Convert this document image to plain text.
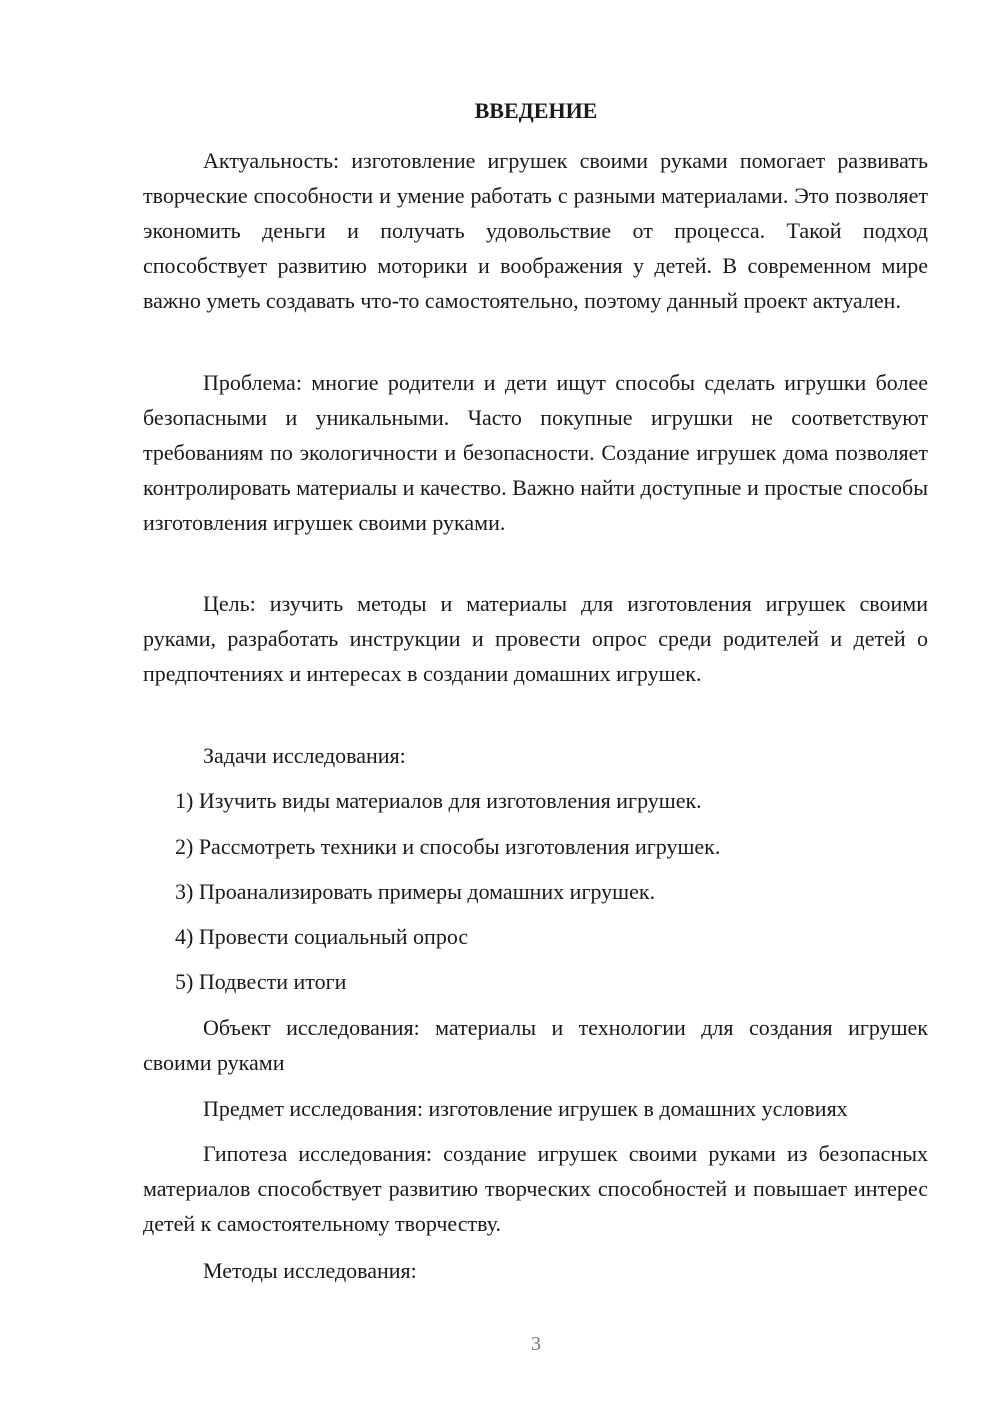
ВВЕДЕНИЕ

Актуальность: изготовление игрушек своими руками помогает развивать творческие способности и умение работать с разными материалами. Это позволяет экономить деньги и получать удовольствие от процесса. Такой подход способствует развитию моторики и воображения у детей. В современном мире важно уметь создавать что-то самостоятельно, поэтому данный проект актуален.

Проблема: многие родители и дети ищут способы сделать игрушки более безопасными и уникальными. Часто покупные игрушки не соответствуют требованиям по экологичности и безопасности. Создание игрушек дома позволяет контролировать материалы и качество. Важно найти доступные и простые способы изготовления игрушек своими руками.

Цель: изучить методы и материалы для изготовления игрушек своими руками, разработать инструкции и провести опрос среди родителей и детей о предпочтениях и интересах в создании домашних игрушек.

Задачи исследования:

1) Изучить виды материалов для изготовления игрушек.

2) Рассмотреть техники и способы изготовления игрушек.

3) Проанализировать примеры домашних игрушек.

4) Провести социальный опрос

5) Подвести итоги

Объект исследования: материалы и технологии для создания игрушек своими руками

Предмет исследования: изготовление игрушек в домашних условиях

Гипотеза исследования: создание игрушек своими руками из безопасных материалов способствует развитию творческих способностей и повышает интерес детей к самостоятельному творчеству.

Методы исследования:

3
